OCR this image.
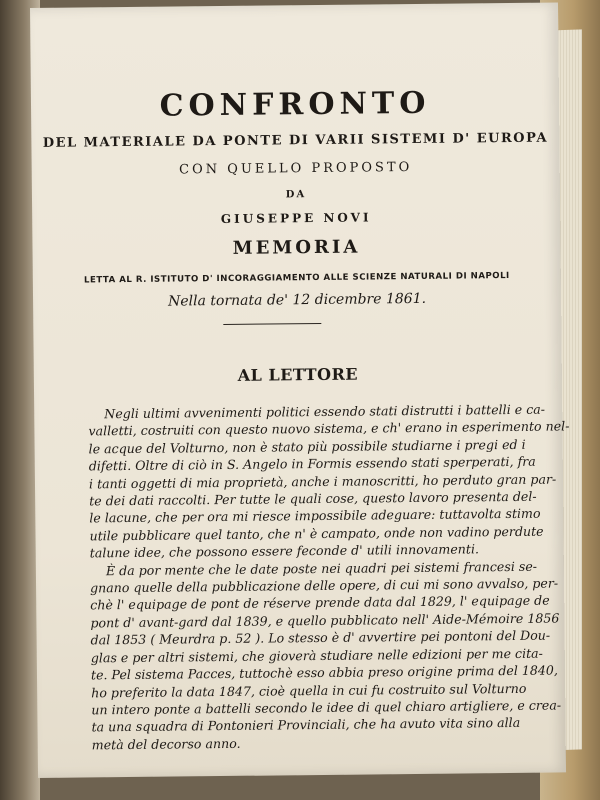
CONFRONTO
DEL MATERIALE DA PONTE DI VARII SISTEMI D' EUROPA
CON QUELLO PROPOSTO
DA
GIUSEPPE NOVI
MEMORIA
LETTA AL R. ISTITUTO D' INCORAGGIAMENTO ALLE SCIENZE NATURALI DI NAPOLI
Nella tornata de' 12 dicembre 1861.
AL LETTORE
Negli ultimi avvenimenti politici essendo stati distrutti i battelli e ca-
valletti, costruiti con questo nuovo sistema, e ch' erano in esperimento nel-
le acque del Volturno, non è stato più possibile studiarne i pregi ed i
difetti. Oltre di ciò in S. Angelo in Formis essendo stati sperperati, fra
i tanti oggetti di mia proprietà, anche i manoscritti, ho perduto gran par-
te dei dati raccolti. Per tutte le quali cose, questo lavoro presenta del-
le lacune, che per ora mi riesce impossibile adeguare: tuttavolta stimo
utile pubblicare quel tanto, che n' è campato, onde non vadino perdute
talune idee, che possono essere feconde d' utili innovamenti.
È da por mente che le date poste nei quadri pei sistemi francesi se-
gnano quelle della pubblicazione delle opere, di cui mi sono avvalso, per-
chè l' equipage de pont de réserve prende data dal 1829, l' equipage de
pont d' avant-gard dal 1839, e quello pubblicato nell' Aide-Mémoire 1856
dal 1853 ( Meurdra p. 52 ). Lo stesso è d' avvertire pei pontoni del Dou-
glas e per altri sistemi, che gioverà studiare nelle edizioni per me cita-
te. Pel sistema Pacces, tuttochè esso abbia preso origine prima del 1840,
ho preferito la data 1847, cioè quella in cui fu costruito sul Volturno
un intero ponte a battelli secondo le idee di quel chiaro artigliere, e crea-
ta una squadra di Pontonieri Provinciali, che ha avuto vita sino alla
metà del decorso anno.
